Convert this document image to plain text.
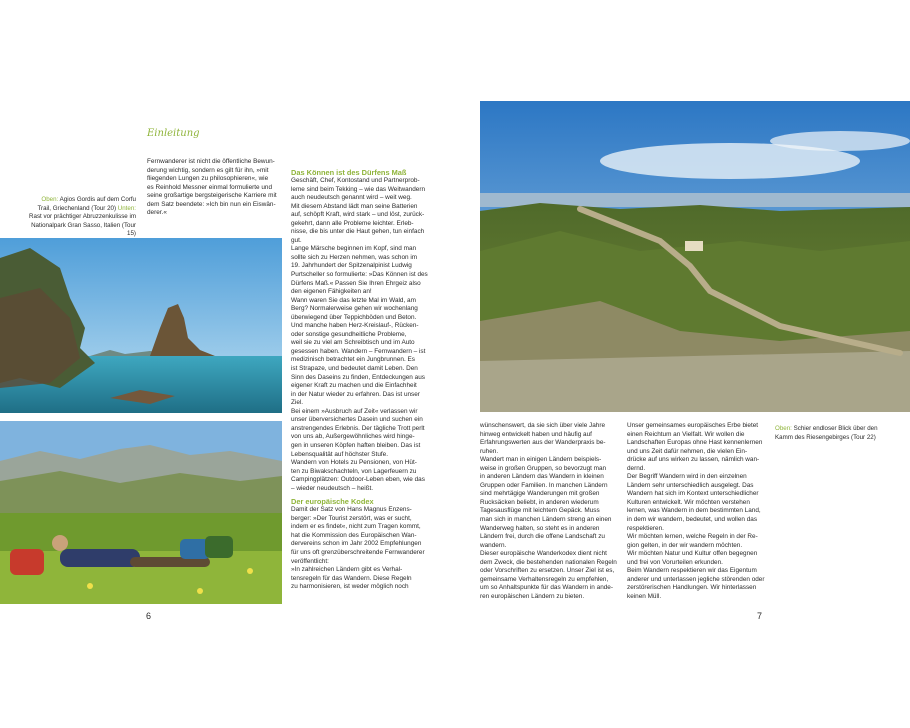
Einleitung
Oben: Agios Gordis auf dem Corfu Trail, Griechenland (Tour 20) Unten: Rast vor prächtiger Abruzzenkulisse im Nationalpark Gran Sasso, Italien (Tour 15)

Fernwanderer ist nicht die öffentliche Bewun-

derung wichtig, sondern es gilt für ihn, »mit

fliegenden Lungen zu philosophieren«, wie

es Reinhold Messner einmal formulierte und

seine großartige bergsteigerische Karriere mit

dem Satz beendete: »Ich bin nun ein Eiswän-

derer.«

Das Können ist des Dürfens Maß

Geschäft, Chef, Kontostand und Partnerprob-

leme sind beim Tekking – wie das Weitwandern

auch neudeutsch genannt wird – weit weg.

Mit diesem Abstand lädt man seine Batterien

auf, schöpft Kraft, wird stark – und löst, zurück-

gekehrt, dann alle Probleme leichter. Erleb-

nisse, die bis unter die Haut gehen, tun einfach

gut.

Lange Märsche beginnen im Kopf, sind man

sollte sich zu Herzen nehmen, was schon im

19. Jahrhundert der Spitzenalpinist Ludwig

Purtscheller so formulierte: »Das Können ist des

Dürfens Maß.« Passen Sie Ihren Ehrgeiz also

den eigenen Fähigkeiten an!

Wann waren Sie das letzte Mal im Wald, am

Berg? Normalerweise gehen wir wochenlang

überwiegend über Teppichböden und Beton.

Und manche haben Herz-Kreislauf-, Rücken-

oder sonstige gesundheitliche Probleme,

weil sie zu viel am Schreibtisch und im Auto

gesessen haben. Wandern – Fernwandern – ist

medizinisch betrachtet ein Jungbrunnen. Es

ist Strapaze, und bedeutet damit Leben. Den

Sinn des Daseins zu finden, Entdeckungen aus

eigener Kraft zu machen und die Einfachheit

in der Natur wieder zu erfahren. Das ist unser

Ziel.

Bei einem »Ausbruch auf Zeit« verlassen wir

unser überversichertes Dasein und suchen ein

anstrengendes Erlebnis. Der tägliche Trott perlt

von uns ab, Außergewöhnliches wird hinge-

gen in unseren Köpfen haften bleiben. Das ist

Lebensqualität auf höchster Stufe.

Wandern von Hotels zu Pensionen, von Hüt-

ten zu Biwakschachteln, von Lagerfeuern zu

Campingplätzen: Outdoor-Leben eben, wie das

– wieder neudeutsch – heißt.

Der europäische Kodex

Damit der Satz von Hans Magnus Enzens-

berger: »Der Tourist zerstört, was er sucht,

indem er es findet«, nicht zum Tragen kommt,

hat die Kommission des Europäischen Wan-

dervereins schon im Jahr 2002 Empfehlungen

für uns oft grenzüberschreitende Fernwanderer

veröffentlicht:

»In zahlreichen Ländern gibt es Verhal-

tensregeln für das Wandern. Diese Regeln

zu harmonisieren, ist weder möglich noch

6
Oben: Schier endloser Blick über den Kamm des Riesengebirges (Tour 22)

wünschenswert, da sie sich über viele Jahre

hinweg entwickelt haben und häufig auf

Erfahrungswerten aus der Wanderpraxis be-

ruhen.

Wandert man in einigen Ländern beispiels-

weise in großen Gruppen, so bevorzugt man

in anderen Ländern das Wandern in kleinen

Gruppen oder Familien. In manchen Ländern

sind mehrtägige Wanderungen mit großen

Rucksäcken beliebt, in anderen wiederum

Tagesausflüge mit leichtem Gepäck. Muss

man sich in manchen Ländern streng an einen

Wanderweg halten, so steht es in anderen

Ländern frei, durch die offene Landschaft zu

wandern.

Dieser europäische Wanderkodex dient nicht

dem Zweck, die bestehenden nationalen Regeln

oder Vorschriften zu ersetzen. Unser Ziel ist es,

gemeinsame Verhaltensregeln zu empfehlen,

um so Anhaltspunkte für das Wandern in ande-

ren europäischen Ländern zu bieten.

Unser gemeinsames europäisches Erbe bietet

einen Reichtum an Vielfalt. Wir wollen die

Landschaften Europas ohne Hast kennenlernen

und uns Zeit dafür nehmen, die vielen Ein-

drücke auf uns wirken zu lassen, nämlich wan-

dernd.

Der Begriff Wandern wird in den einzelnen

Ländern sehr unterschiedlich ausgelegt. Das

Wandern hat sich im Kontext unterschiedlicher

Kulturen entwickelt. Wir möchten verstehen

lernen, was Wandern in dem bestimmten Land,

in dem wir wandern, bedeutet, und wollen das

respektieren.

Wir möchten lernen, welche Regeln in der Re-

gion gelten, in der wir wandern möchten.

Wir möchten Natur und Kultur offen begegnen

und frei von Vorurteilen erkunden.

Beim Wandern respektieren wir das Eigentum

anderer und unterlassen jegliche störenden oder

zerstörerischen Handlungen. Wir hinterlassen

keinen Müll.

7
